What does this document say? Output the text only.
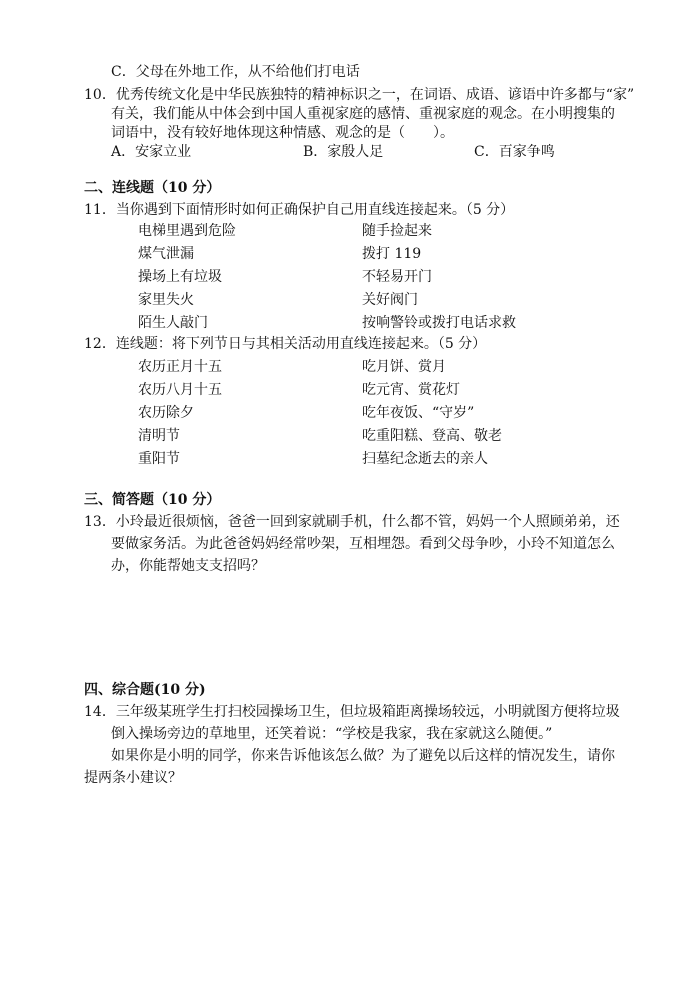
C．父母在外地工作，从不给他们打电话
10．优秀传统文化是中华民族独特的精神标识之一，在词语、成语、谚语中许多都与“家”
有关，我们能从中体会到中国人重视家庭的感情、重视家庭的观念。在小明搜集的
词语中，没有较好地体现这种情感、观念的是（　　）。
A．安家立业	B．家殷人足	C．百家争鸣
二、连线题（10 分）
11．当你遇到下面情形时如何正确保护自己用直线连接起来。（5 分）
电梯里遇到危险	随手捡起来
煤气泄漏	拨打 119
操场上有垃圾	不轻易开门
家里失火	关好阀门
陌生人敲门	按响警铃或拨打电话求救
12．连线题：将下列节日与其相关活动用直线连接起来。（5 分）
农历正月十五	吃月饼、赏月
农历八月十五	吃元宵、赏花灯
农历除夕	吃年夜饭、“守岁”
清明节	吃重阳糕、登高、敬老
重阳节	扫墓纪念逝去的亲人
三、简答题（10 分）
13．小玲最近很烦恼，爸爸一回到家就刷手机，什么都不管，妈妈一个人照顾弟弟，还
要做家务活。为此爸爸妈妈经常吵架，互相埋怨。看到父母争吵，小玲不知道怎么
办，你能帮她支支招吗？
四、综合题(10 分)
14．三年级某班学生打扫校园操场卫生，但垃圾箱距离操场较远，小明就图方便将垃圾
倒入操场旁边的草地里，还笑着说：“学校是我家，我在家就这么随便。”
如果你是小明的同学，你来告诉他该怎么做？为了避免以后这样的情况发生，请你
提两条小建议？
